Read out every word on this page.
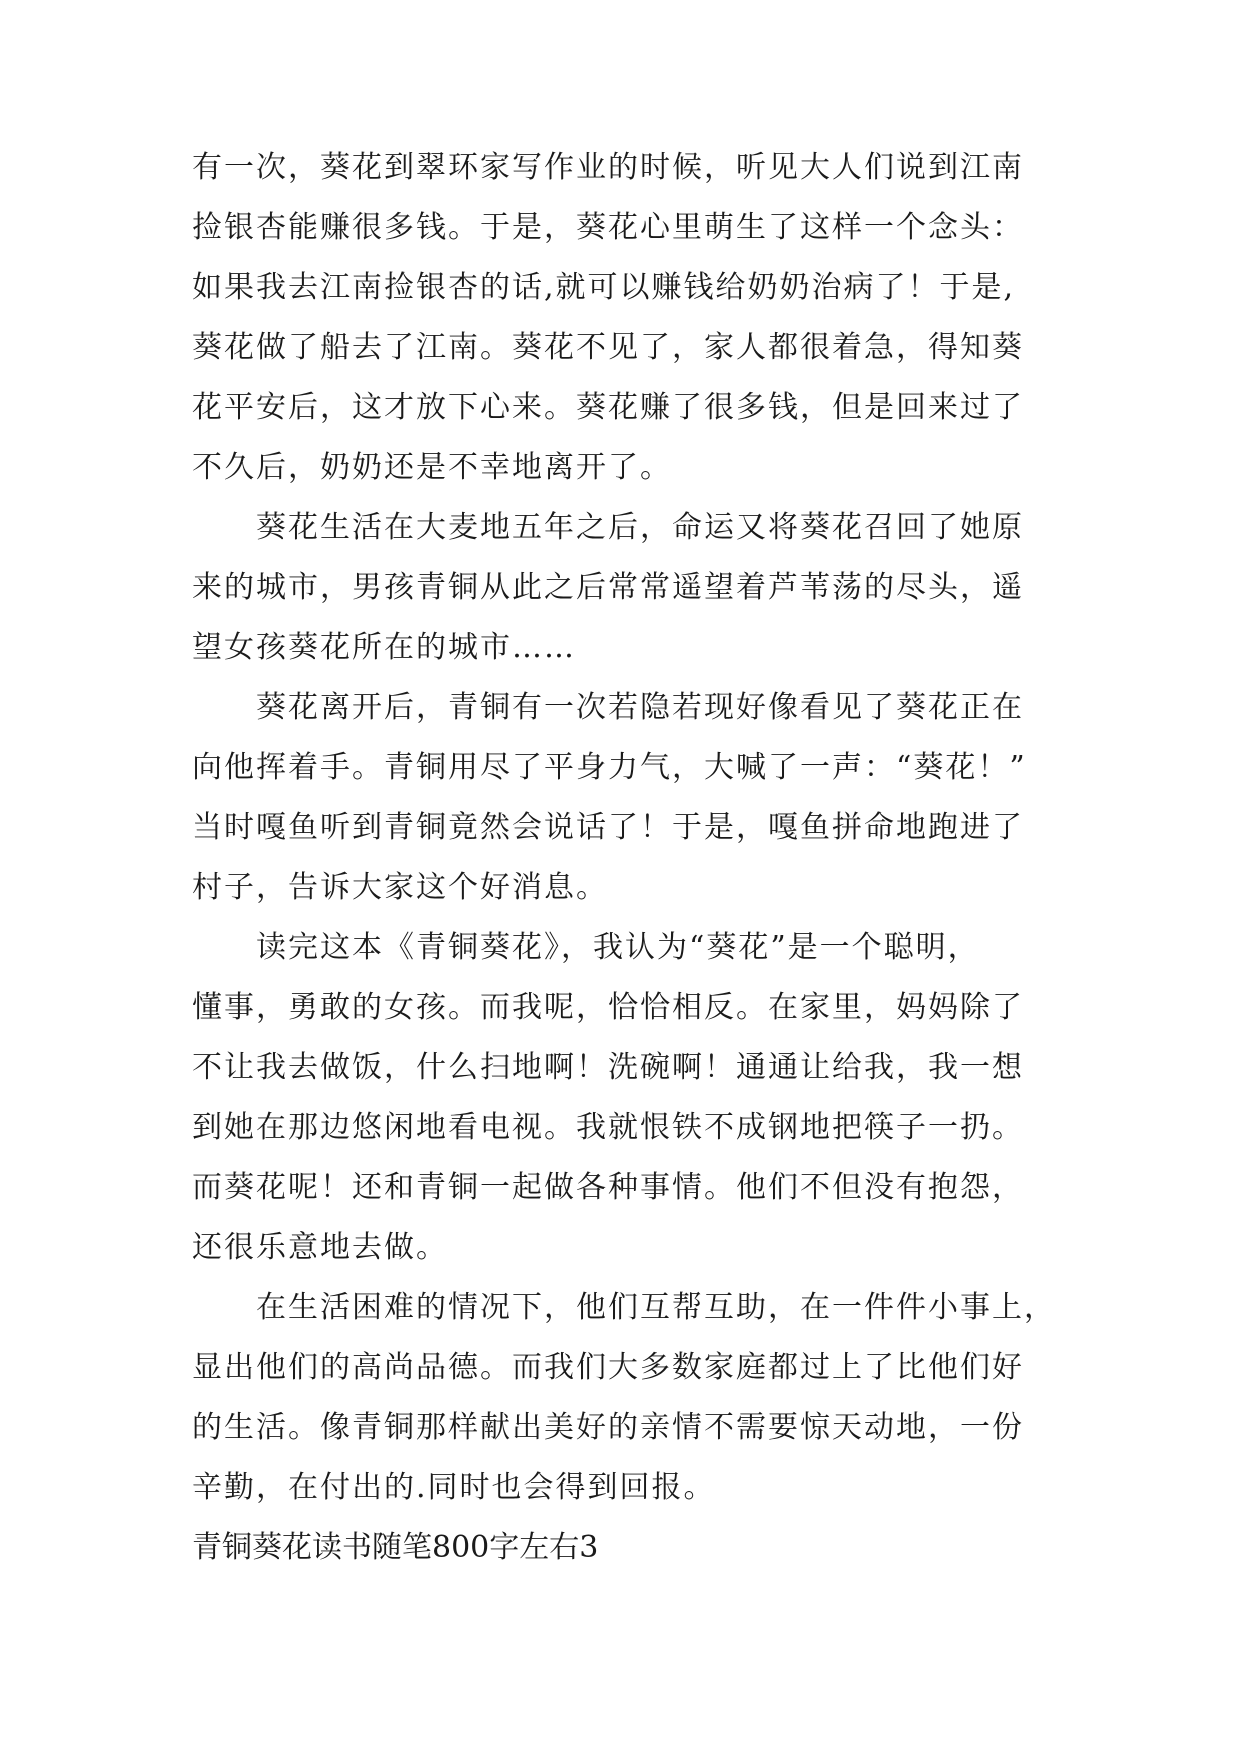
有一次，葵花到翠环家写作业的时候，听见大人们说到江南
捡银杏能赚很多钱。于是，葵花心里萌生了这样一个念头：
如果我去江南捡银杏的话,就可以赚钱给奶奶治病了！于是,
葵花做了船去了江南。葵花不见了，家人都很着急，得知葵
花平安后，这才放下心来。葵花赚了很多钱，但是回来过了
不久后，奶奶还是不幸地离开了。
葵花生活在大麦地五年之后，命运又将葵花召回了她原
来的城市，男孩青铜从此之后常常遥望着芦苇荡的尽头，遥
望女孩葵花所在的城市……
葵花离开后，青铜有一次若隐若现好像看见了葵花正在
向他挥着手。青铜用尽了平身力气，大喊了一声：“葵花！”
当时嘎鱼听到青铜竟然会说话了！于是，嘎鱼拼命地跑进了
村子，告诉大家这个好消息。
读完这本《青铜葵花》，我认为“葵花”是一个聪明，
懂事，勇敢的女孩。而我呢，恰恰相反。在家里，妈妈除了
不让我去做饭，什么扫地啊！洗碗啊！通通让给我，我一想
到她在那边悠闲地看电视。我就恨铁不成钢地把筷子一扔。
而葵花呢！还和青铜一起做各种事情。他们不但没有抱怨，
还很乐意地去做。
在生活困难的情况下，他们互帮互助，在一件件小事上，
显出他们的高尚品德。而我们大多数家庭都过上了比他们好
的生活。像青铜那样献出美好的亲情不需要惊天动地，一份
辛勤，在付出的.同时也会得到回报。
青铜葵花读书随笔800字左右3
